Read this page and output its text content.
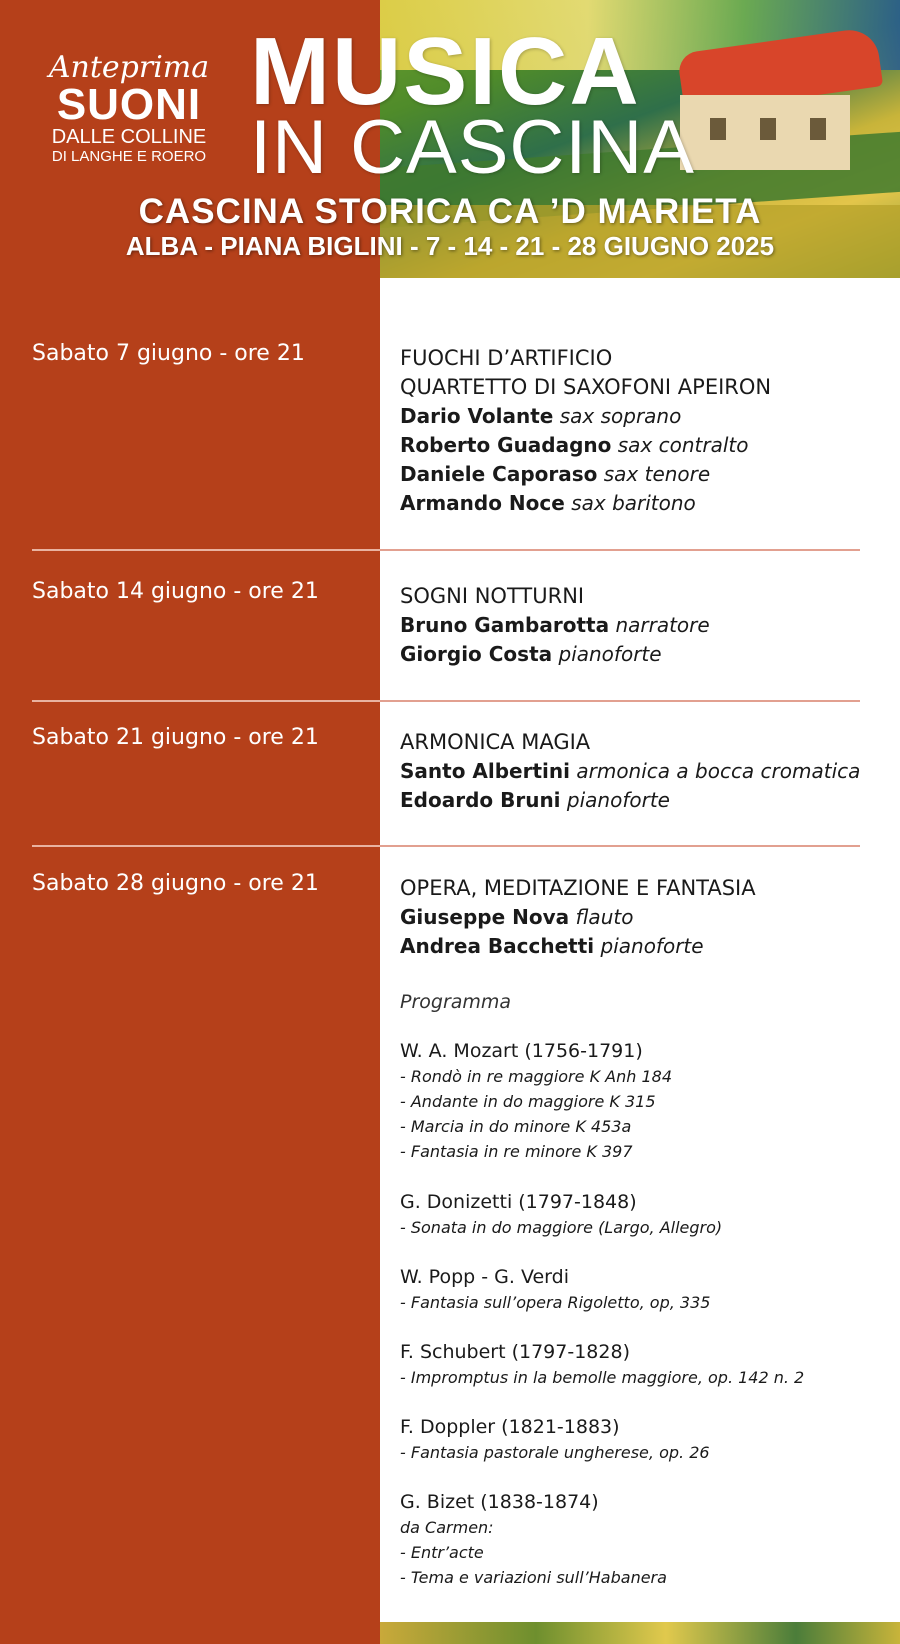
Anteprima
SUONI
DALLE COLLINE
DI LANGHE E ROERO
MUSICA
IN CASCINA
CASCINA STORICA CA ’D MARIETA
ALBA - PIANA BIGLINI - 7 - 14 - 21 - 28 GIUGNO 2025
Sabato 7 giugno - ore 21	FUOCHI D’ARTIFICIO
QUARTETTO DI SAXOFONI APEIRON
Dario Volante sax soprano
Roberto Guadagno sax contralto
Daniele Caporaso sax tenore
Armando Noce sax baritono
Sabato 14 giugno - ore 21	SOGNI NOTTURNI
Bruno Gambarotta narratore
Giorgio Costa pianoforte
Sabato 21 giugno - ore 21	ARMONICA MAGIA
Santo Albertini armonica a bocca cromatica
Edoardo Bruni pianoforte
Sabato 28 giugno - ore 21	OPERA, MEDITAZIONE E FANTASIA
Giuseppe Nova flauto
Andrea Bacchetti pianoforte
Programma
W. A. Mozart (1756-1791)
- Rondò in re maggiore K Anh 184
- Andante in do maggiore K 315
- Marcia in do minore K 453a
- Fantasia in re minore K 397
G. Donizetti (1797-1848)
- Sonata in do maggiore (Largo, Allegro)
W. Popp - G. Verdi
- Fantasia sull’opera Rigoletto, op, 335
F. Schubert (1797-1828)
- Impromptus in la bemolle maggiore, op. 142 n. 2
F. Doppler (1821-1883)
- Fantasia pastorale ungherese, op. 26
G. Bizet (1838-1874)
da Carmen:
- Entr’acte
- Tema e variazioni sull’Habanera
